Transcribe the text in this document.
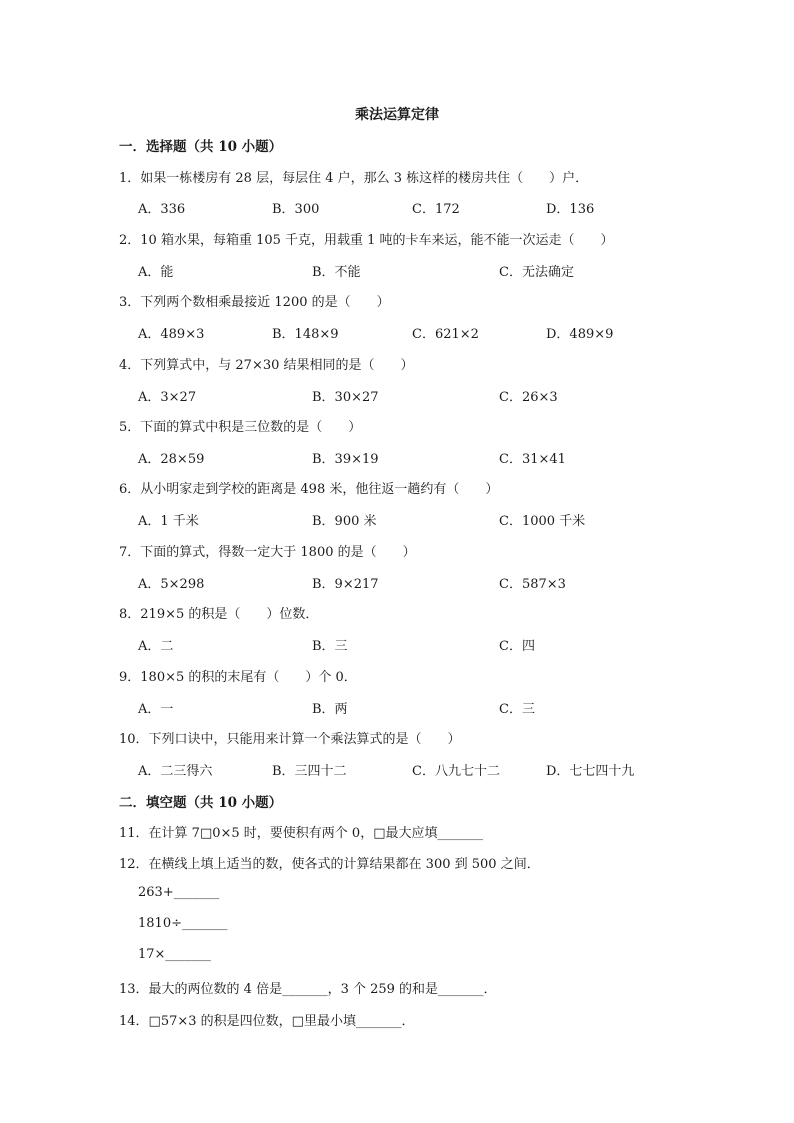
乘法运算定律
一．选择题（共 10 小题）
1．如果一栋楼房有 28 层，每层住 4 户，那么 3 栋这样的楼房共住（　　）户．
A．336	B．300	C．172	D．136
2．10 箱水果，每箱重 105 千克，用载重 1 吨的卡车来运，能不能一次运走（　　）
A．能	B．不能	C．无法确定
3．下列两个数相乘最接近 1200 的是（　　）
A．489×3	B．148×9	C．621×2	D．489×9
4．下列算式中，与 27×30 结果相同的是（　　）
A．3×27	B．30×27	C．26×3
5．下面的算式中积是三位数的是（　　）
A．28×59	B．39×19	C．31×41
6．从小明家走到学校的距离是 498 米，他往返一趟约有（　　）
A．1 千米	B．900 米	C．1000 千米
7．下面的算式，得数一定大于 1800 的是（　　）
A．5×298	B．9×217	C．587×3
8．219×5 的积是（　　）位数．
A．二	B．三	C．四
9．180×5 的积的末尾有（　　）个 0．
A．一	B．两	C．三
10．下列口诀中，只能用来计算一个乘法算式的是（　　）
A．二三得六	B．三四十二	C．八九七十二	D．七七四十九
二．填空题（共 10 小题）
11．在计算 7□0×5 时，要使积有两个 0，□最大应填_______
12．在横线上填上适当的数，使各式的计算结果都在 300 到 500 之间．
263+_______
1810÷_______
17×_______
13．最大的两位数的 4 倍是_______，3 个 259 的和是_______．
14．□57×3 的积是四位数，□里最小填_______．
